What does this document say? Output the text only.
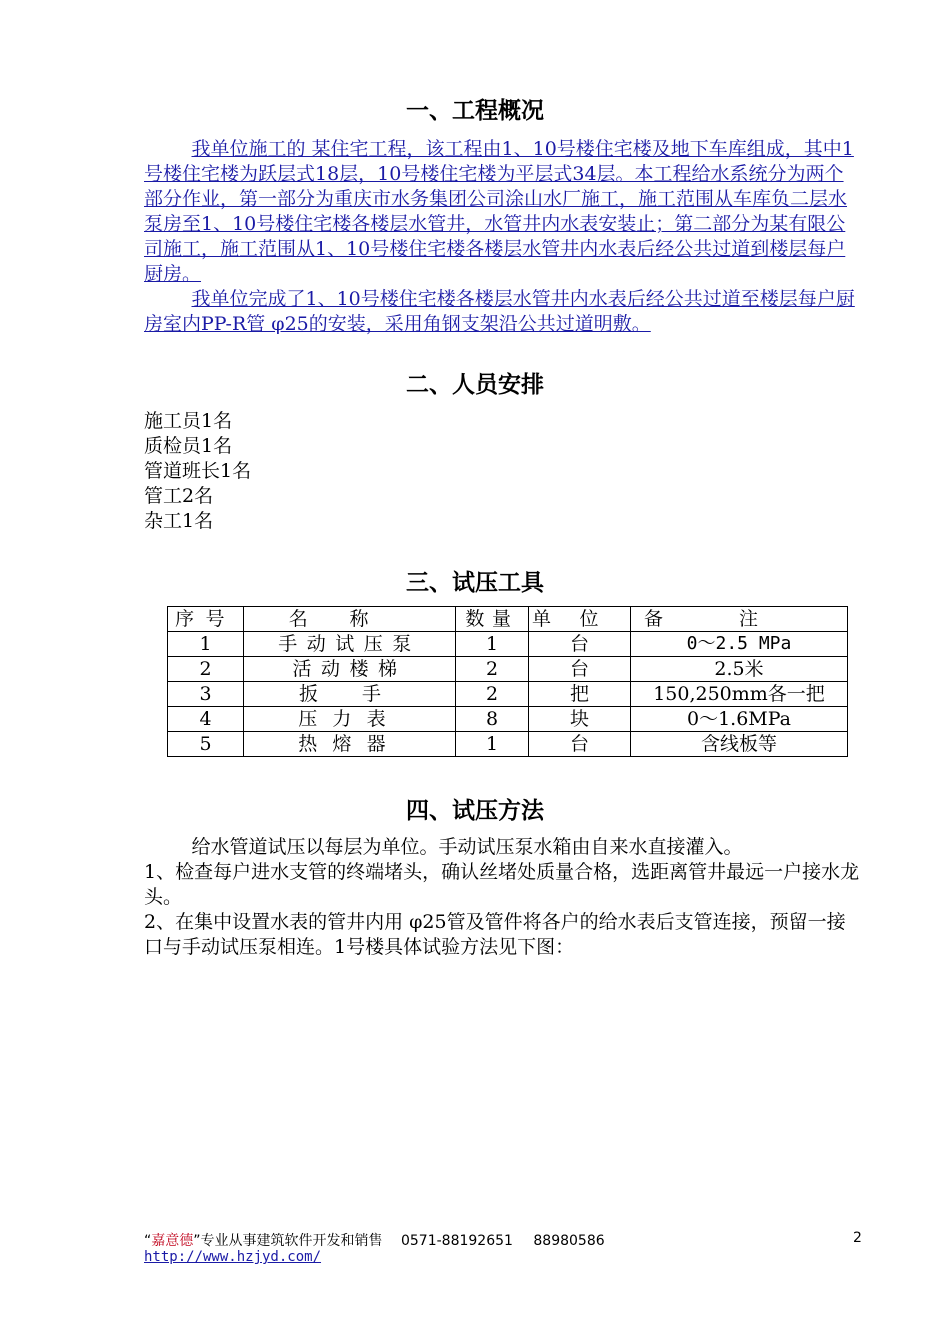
一、工程概况
我单位施工的 某住宅工程，该工程由1、10号楼住宅楼及地下车库组成，其中1号楼住宅楼为跃层式18层，10号楼住宅楼为平层式34层。本工程给水系统分为两个部分作业，第一部分为重庆市水务集团公司涂山水厂施工，施工范围从车库负二层水泵房至1、10号楼住宅楼各楼层水管井，水管井内水表安装止；第二部分为某有限公司施工，施工范围从1、10号楼住宅楼各楼层水管井内水表后经公共过道到楼层每户厨房。
我单位完成了1、10号楼住宅楼各楼层水管井内水表后经公共过道至楼层每户厨房室内PP-R管 φ25的安装，采用角钢支架沿公共过道明敷。
二、人员安排
施工员1名
质检员1名
管道班长1名
管工2名
杂工1名
三、试压工具
序号	名称	数量	单位	备注
1	手动试压泵	1	台	0～2.5 MPa
2	活动楼梯	2	台	2.5米
3	扳 手	2	把	150,250mm各一把
4	压力表	8	块	0～1.6MPa
5	热熔器	1	台	含线板等
四、试压方法
给水管道试压以每层为单位。手动试压泵水箱由自来水直接灌入。
1、检查每户进水支管的终端堵头，确认丝堵处质量合格，选距离管井最远一户接水龙头。
2、在集中设置水表的管井内用 φ25管及管件将各户的给水表后支管连接，预留一接口与手动试压泵相连。1号楼具体试验方法见下图：
“嘉意德”专业从事建筑软件开发和销售 0571-88192651 88980586
http://www.hzjyd.com/
2
